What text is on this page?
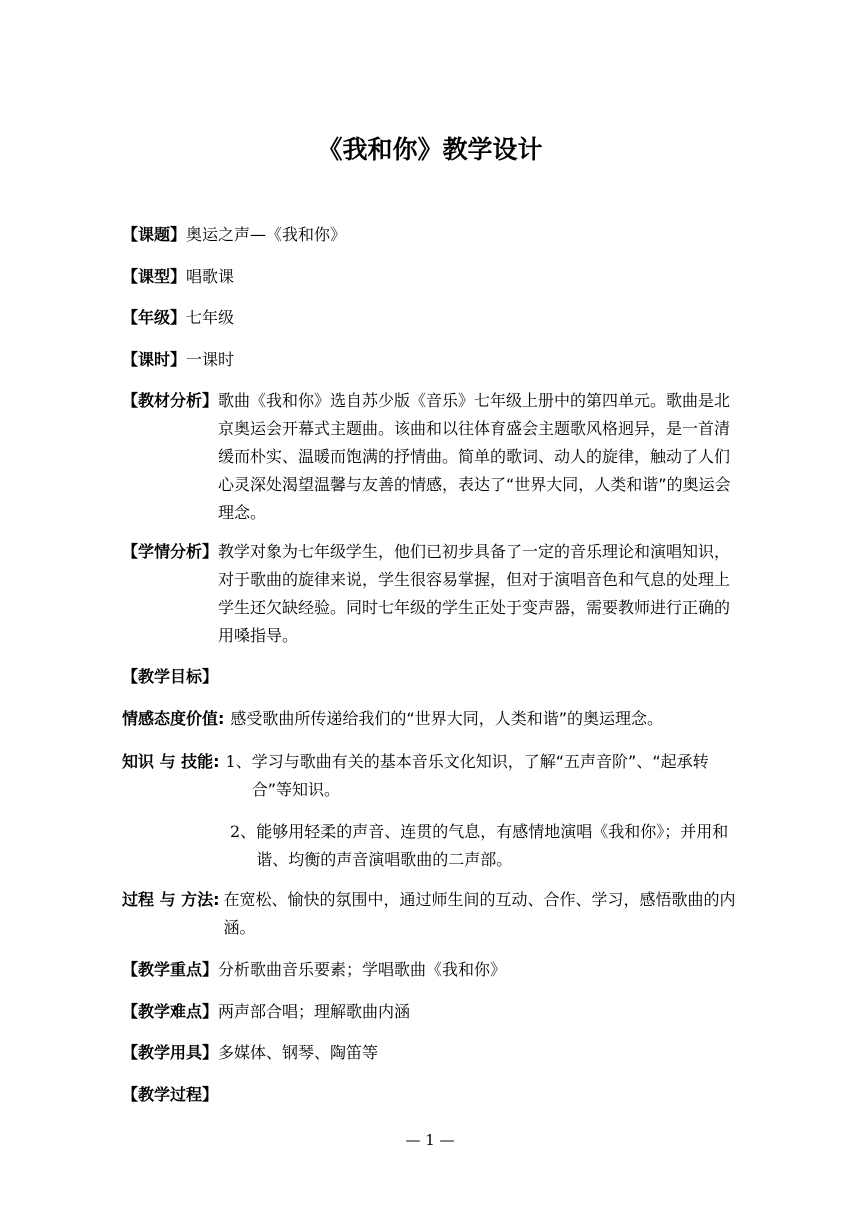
《我和你》教学设计
【课题】奥运之声—《我和你》
【课型】唱歌课
【年级】七年级
【课时】一课时
【教材分析】 歌曲《我和你》选自苏少版《音乐》七年级上册中的第四单元。歌曲是北京奥运会开幕式主题曲。该曲和以往体育盛会主题歌风格迥异，是一首清缓而朴实、温暖而饱满的抒情曲。简单的歌词、动人的旋律，触动了人们心灵深处渴望温馨与友善的情感，表达了“世界大同，人类和谐”的奥运会理念。
【学情分析】 教学对象为七年级学生，他们已初步具备了一定的音乐理论和演唱知识，对于歌曲的旋律来说，学生很容易掌握，但对于演唱音色和气息的处理上学生还欠缺经验。同时七年级的学生正处于变声器，需要教师进行正确的用嗓指导。
【教学目标】
情感态度价值: 感受歌曲所传递给我们的“世界大同，人类和谐”的奥运理念。
知识 与 技能: 1、 学习与歌曲有关的基本音乐文化知识，了解“五声音阶”、“起承转合”等知识。
2、 能够用轻柔的声音、连贯的气息，有感情地演唱《我和你》；并用和谐、均衡的声音演唱歌曲的二声部。
过程 与 方法: 在宽松、愉快的氛围中，通过师生间的互动、合作、学习，感悟歌曲的内涵。
【教学重点】分析歌曲音乐要素；学唱歌曲《我和你》
【教学难点】两声部合唱；理解歌曲内涵
【教学用具】多媒体、钢琴、陶笛等
【教学过程】
— 1 —
